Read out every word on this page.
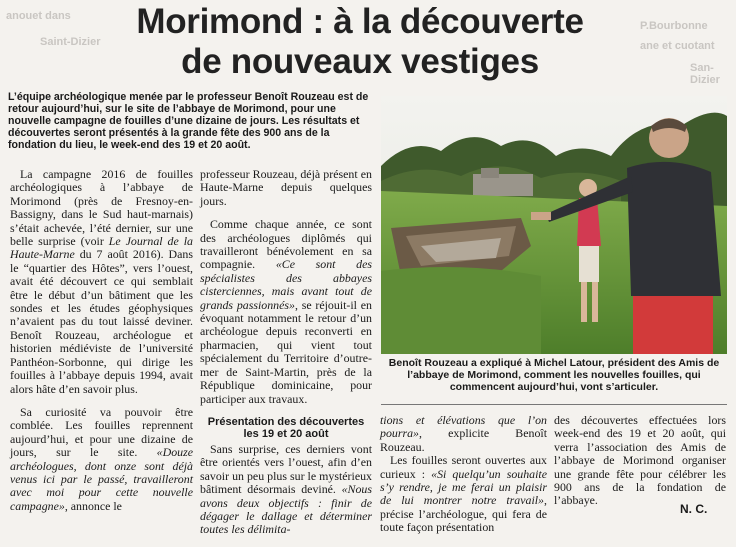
anouet dans
Saint-Dizier
P.Bourbonne
ane et cuotant
San-Dizier
Morimond : à la découverte
de nouveaux vestiges
L’équipe archéologique menée par le professeur Benoît Rouzeau est de retour aujourd’hui, sur le site de l’abbaye de Morimond, pour une nouvelle campagne de fouilles d’une dizaine de jours. Les résultats et découvertes seront présentés à la grande fête des 900 ans de la fondation du lieu, le week-end des 19 et 20 août.

La campagne 2016 de fouilles archéologiques à l’abbaye de Morimond (près de Fresnoy-en-Bassigny, dans le Sud haut-marnais) s’était achevée, l’été dernier, sur une belle surprise (voir Le Journal de la Haute-Marne du 7 août 2016). Dans le “quartier des Hôtes”, vers l’ouest, avait été découvert ce qui semblait être le début d’un bâtiment que les sondes et les études géophysiques n’avaient pas du tout laissé deviner. Benoît Rouzeau, archéologue et historien médiéviste de l’université Panthéon-Sorbonne, qui dirige les fouilles à l’abbaye depuis 1994, avait alors hâte d’en savoir plus.

Sa curiosité va pouvoir être comblée. Les fouilles reprennent aujourd’hui, et pour une dizaine de jours, sur le site. «Douze archéologues, dont onze sont déjà venus ici par le passé, travailleront avec moi pour cette nouvelle campagne», annonce le

professeur Rouzeau, déjà présent en Haute-Marne depuis quelques jours.

Comme chaque année, ce sont des archéologues diplômés qui travailleront bénévolement en sa compagnie. «Ce sont des spécialistes des abbayes cisterciennes, mais avant tout de grands passionnés», se réjouit-il en évoquant notamment le retour d’un archéologue depuis reconverti en pharmacien, qui vient tout spécialement du Territoire d’outre-mer de Saint-Martin, près de la République dominicaine, pour participer aux travaux.

Présentation des découvertes les 19 et 20 août

Sans surprise, ces derniers vont être orientés vers l’ouest, afin d’en savoir un peu plus sur le mystérieux bâtiment désormais deviné. «Nous avons deux objectifs : finir de dégager le dallage et déterminer toutes les délimita-

Benoît Rouzeau a expliqué à Michel Latour, président des Amis de l’abbaye de Morimond, comment les nouvelles fouilles, qui commencent aujourd’hui, vont s’articuler.

tions et élévations que l’on pourra», explicite Benoît Rouzeau.

Les fouilles seront ouvertes aux curieux : «Si quelqu’un souhaite s’y rendre, je me ferai un plaisir de lui montrer notre travail», précise l’archéologue, qui fera de toute façon présentation

des découvertes effectuées lors week-end des 19 et 20 août, qui verra l’association des Amis de l’abbaye de Morimond organiser une grande fête pour célébrer les 900 ans de la fondation de l’abbaye.

N. C.
